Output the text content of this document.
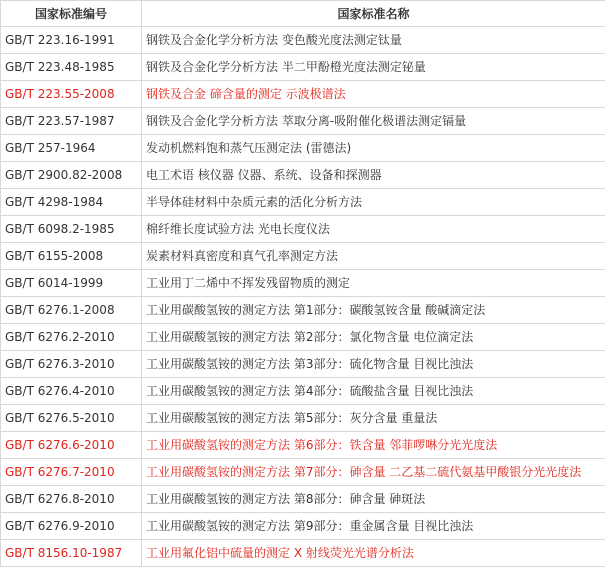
国家标准编号	国家标准名称
GB/T 223.16-1991	钢铁及合金化学分析方法 变色酸光度法测定钛量
GB/T 223.48-1985	钢铁及合金化学分析方法 半二甲酚橙光度法测定铋量
GB/T 223.55-2008	钢铁及合金 碲含量的测定 示波极谱法
GB/T 223.57-1987	钢铁及合金化学分析方法 萃取分离-吸附催化极谱法测定镉量
GB/T 257-1964	发动机燃料饱和蒸气压测定法 (雷德法)
GB/T 2900.82-2008	电工术语 核仪器 仪器、系统、设备和探测器
GB/T 4298-1984	半导体硅材料中杂质元素的活化分析方法
GB/T 6098.2-1985	棉纤维长度试验方法 光电长度仪法
GB/T 6155-2008	炭素材料真密度和真气孔率测定方法
GB/T 6014-1999	工业用丁二烯中不挥发残留物质的测定
GB/T 6276.1-2008	工业用碳酸氢铵的测定方法 第1部分：碳酸氢铵含量 酸碱滴定法
GB/T 6276.2-2010	工业用碳酸氢铵的测定方法 第2部分：氯化物含量 电位滴定法
GB/T 6276.3-2010	工业用碳酸氢铵的测定方法 第3部分：硫化物含量 目视比浊法
GB/T 6276.4-2010	工业用碳酸氢铵的测定方法 第4部分：硫酸盐含量 目视比浊法
GB/T 6276.5-2010	工业用碳酸氢铵的测定方法 第5部分：灰分含量 重量法
GB/T 6276.6-2010	工业用碳酸氢铵的测定方法 第6部分：铁含量 邻菲啰啉分光光度法
GB/T 6276.7-2010	工业用碳酸氢铵的测定方法 第7部分：砷含量 二乙基二硫代氨基甲酸银分光光度法
GB/T 6276.8-2010	工业用碳酸氢铵的测定方法 第8部分：砷含量 砷斑法
GB/T 6276.9-2010	工业用碳酸氢铵的测定方法 第9部分：重金属含量 目视比浊法
GB/T 8156.10-1987	工业用氟化铝中硫量的测定 X 射线荧光光谱分析法
